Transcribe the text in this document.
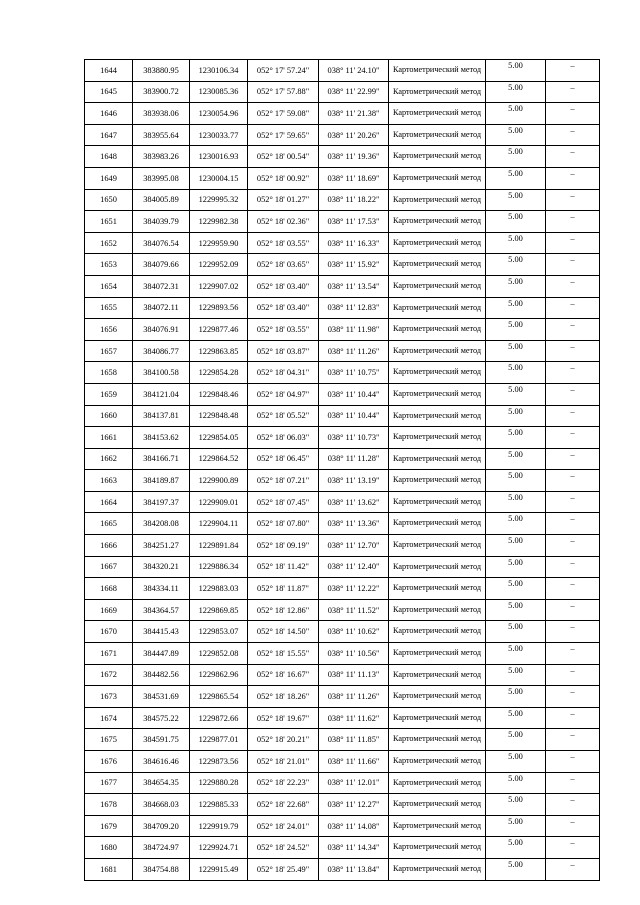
1644	383880.95	1230106.34	052° 17' 57.24"	038° 11' 24.10"	Картометрический метод	5.00	–
1645	383900.72	1230085.36	052° 17' 57.88"	038° 11' 22.99"	Картометрический метод	5.00	–
1646	383938.06	1230054.96	052° 17' 59.08"	038° 11' 21.38"	Картометрический метод	5.00	–
1647	383955.64	1230033.77	052° 17' 59.65"	038° 11' 20.26"	Картометрический метод	5.00	–
1648	383983.26	1230016.93	052° 18' 00.54"	038° 11' 19.36"	Картометрический метод	5.00	–
1649	383995.08	1230004.15	052° 18' 00.92"	038° 11' 18.69"	Картометрический метод	5.00	–
1650	384005.89	1229995.32	052° 18' 01.27"	038° 11' 18.22"	Картометрический метод	5.00	–
1651	384039.79	1229982.38	052° 18' 02.36"	038° 11' 17.53"	Картометрический метод	5.00	–
1652	384076.54	1229959.90	052° 18' 03.55"	038° 11' 16.33"	Картометрический метод	5.00	–
1653	384079.66	1229952.09	052° 18' 03.65"	038° 11' 15.92"	Картометрический метод	5.00	–
1654	384072.31	1229907.02	052° 18' 03.40"	038° 11' 13.54"	Картометрический метод	5.00	–
1655	384072.11	1229893.56	052° 18' 03.40"	038° 11' 12.83"	Картометрический метод	5.00	–
1656	384076.91	1229877.46	052° 18' 03.55"	038° 11' 11.98"	Картометрический метод	5.00	–
1657	384086.77	1229863.85	052° 18' 03.87"	038° 11' 11.26"	Картометрический метод	5.00	–
1658	384100.58	1229854.28	052° 18' 04.31"	038° 11' 10.75"	Картометрический метод	5.00	–
1659	384121.04	1229848.46	052° 18' 04.97"	038° 11' 10.44"	Картометрический метод	5.00	–
1660	384137.81	1229848.48	052° 18' 05.52"	038° 11' 10.44"	Картометрический метод	5.00	–
1661	384153.62	1229854.05	052° 18' 06.03"	038° 11' 10.73"	Картометрический метод	5.00	–
1662	384166.71	1229864.52	052° 18' 06.45"	038° 11' 11.28"	Картометрический метод	5.00	–
1663	384189.87	1229900.89	052° 18' 07.21"	038° 11' 13.19"	Картометрический метод	5.00	–
1664	384197.37	1229909.01	052° 18' 07.45"	038° 11' 13.62"	Картометрический метод	5.00	–
1665	384208.08	1229904.11	052° 18' 07.80"	038° 11' 13.36"	Картометрический метод	5.00	–
1666	384251.27	1229891.84	052° 18' 09.19"	038° 11' 12.70"	Картометрический метод	5.00	–
1667	384320.21	1229886.34	052° 18' 11.42"	038° 11' 12.40"	Картометрический метод	5.00	–
1668	384334.11	1229883.03	052° 18' 11.87"	038° 11' 12.22"	Картометрический метод	5.00	–
1669	384364.57	1229869.85	052° 18' 12.86"	038° 11' 11.52"	Картометрический метод	5.00	–
1670	384415.43	1229853.07	052° 18' 14.50"	038° 11' 10.62"	Картометрический метод	5.00	–
1671	384447.89	1229852.08	052° 18' 15.55"	038° 11' 10.56"	Картометрический метод	5.00	–
1672	384482.56	1229862.96	052° 18' 16.67"	038° 11' 11.13"	Картометрический метод	5.00	–
1673	384531.69	1229865.54	052° 18' 18.26"	038° 11' 11.26"	Картометрический метод	5.00	–
1674	384575.22	1229872.66	052° 18' 19.67"	038° 11' 11.62"	Картометрический метод	5.00	–
1675	384591.75	1229877.01	052° 18' 20.21"	038° 11' 11.85"	Картометрический метод	5.00	–
1676	384616.46	1229873.56	052° 18' 21.01"	038° 11' 11.66"	Картометрический метод	5.00	–
1677	384654.35	1229880.28	052° 18' 22.23"	038° 11' 12.01"	Картометрический метод	5.00	–
1678	384668.03	1229885.33	052° 18' 22.68"	038° 11' 12.27"	Картометрический метод	5.00	–
1679	384709.20	1229919.79	052° 18' 24.01"	038° 11' 14.08"	Картометрический метод	5.00	–
1680	384724.97	1229924.71	052° 18' 24.52"	038° 11' 14.34"	Картометрический метод	5.00	–
1681	384754.88	1229915.49	052° 18' 25.49"	038° 11' 13.84"	Картометрический метод	5.00	–
